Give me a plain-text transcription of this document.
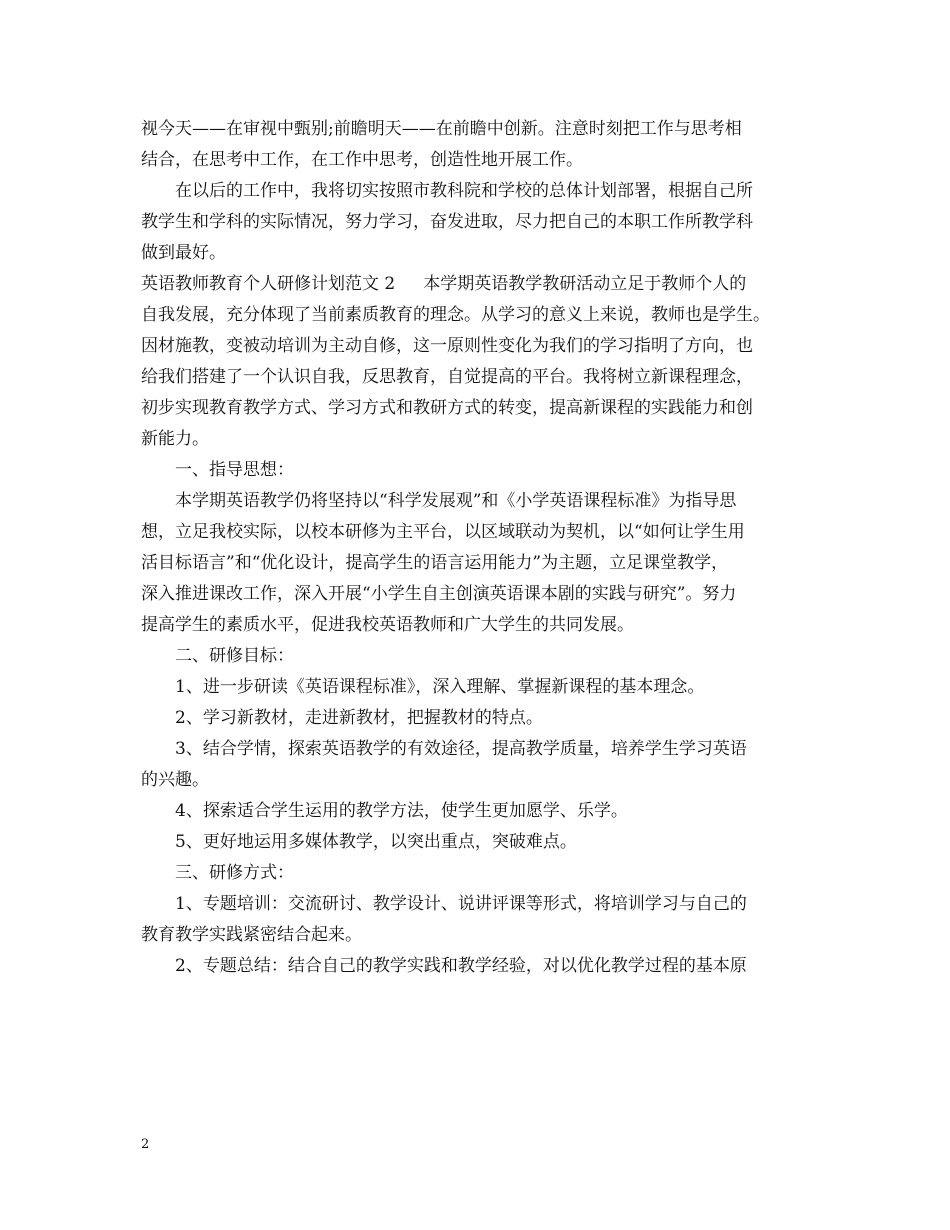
视今天——在审视中甄别;前瞻明天——在前瞻中创新。注意时刻把工作与思考相
结合，在思考中工作，在工作中思考，创造性地开展工作。
在以后的工作中，我将切实按照市教科院和学校的总体计划部署，根据自己所
教学生和学科的实际情况，努力学习，奋发进取，尽力把自己的本职工作所教学科
做到最好。
英语教师教育个人研修计划范文 2 本学期英语教学教研活动立足于教师个人的
自我发展，充分体现了当前素质教育的理念。从学习的意义上来说，教师也是学生。
因材施教，变被动培训为主动自修，这一原则性变化为我们的学习指明了方向，也
给我们搭建了一个认识自我，反思教育，自觉提高的平台。我将树立新课程理念，
初步实现教育教学方式、学习方式和教研方式的转变，提高新课程的实践能力和创
新能力。
一、指导思想：
本学期英语教学仍将坚持以“科学发展观”和《小学英语课程标准》为指导思
想，立足我校实际，以校本研修为主平台，以区域联动为契机，以“如何让学生用
活目标语言”和“优化设计，提高学生的语言运用能力”为主题，立足课堂教学，
深入推进课改工作，深入开展“小学生自主创演英语课本剧的实践与研究”。努力
提高学生的素质水平，促进我校英语教师和广大学生的共同发展。
二、研修目标：
1、进一步研读《英语课程标准》，深入理解、掌握新课程的基本理念。
2、学习新教材，走进新教材，把握教材的特点。
3、结合学情，探索英语教学的有效途径，提高教学质量，培养学生学习英语
的兴趣。
4、探索适合学生运用的教学方法，使学生更加愿学、乐学。
5、更好地运用多媒体教学，以突出重点，突破难点。
三、研修方式：
1、专题培训：交流研讨、教学设计、说讲评课等形式，将培训学习与自己的
教育教学实践紧密结合起来。
2、专题总结：结合自己的教学实践和教学经验，对以优化教学过程的基本原
2
